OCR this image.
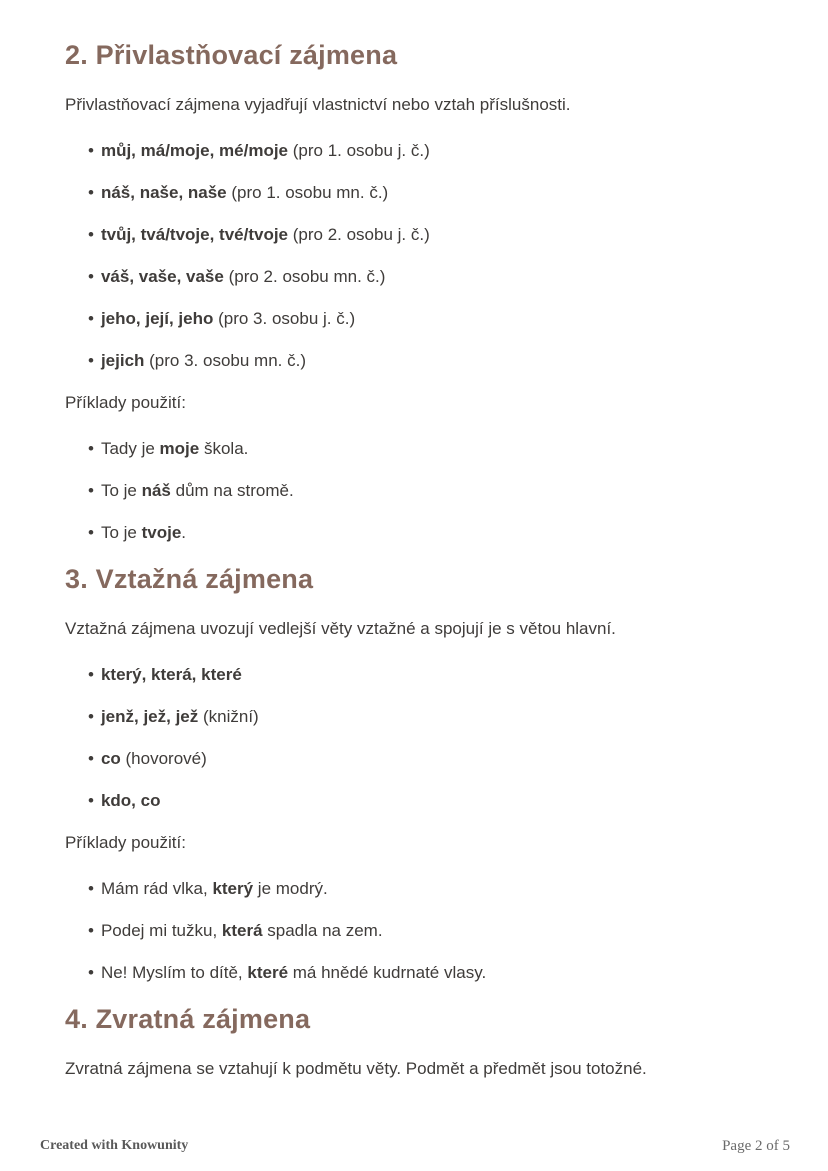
2. Přivlastňovací zájmena

Přivlastňovací zájmena vyjadřují vlastnictví nebo vztah příslušnosti.

• můj, má/moje, mé/moje (pro 1. osobu j. č.)
• náš, naše, naše (pro 1. osobu mn. č.)
• tvůj, tvá/tvoje, tvé/tvoje (pro 2. osobu j. č.)
• váš, vaše, vaše (pro 2. osobu mn. č.)
• jeho, její, jeho (pro 3. osobu j. č.)
• jejich (pro 3. osobu mn. č.)

Příklady použití:

• Tady je moje škola.
• To je náš dům na stromě.
• To je tvoje.
3. Vztažná zájmena

Vztažná zájmena uvozují vedlejší věty vztažné a spojují je s větou hlavní.

• který, která, které
• jenž, jež, jež (knižní)
• co (hovorové)
• kdo, co

Příklady použití:

• Mám rád vlka, který je modrý.
• Podej mi tužku, která spadla na zem.
• Ne! Myslím to dítě, které má hnědé kudrnaté vlasy.
4. Zvratná zájmena

Zvratná zájmena se vztahují k podmětu věty. Podmět a předmět jsou totožné.

Created with Knowunity	Page 2 of 5
